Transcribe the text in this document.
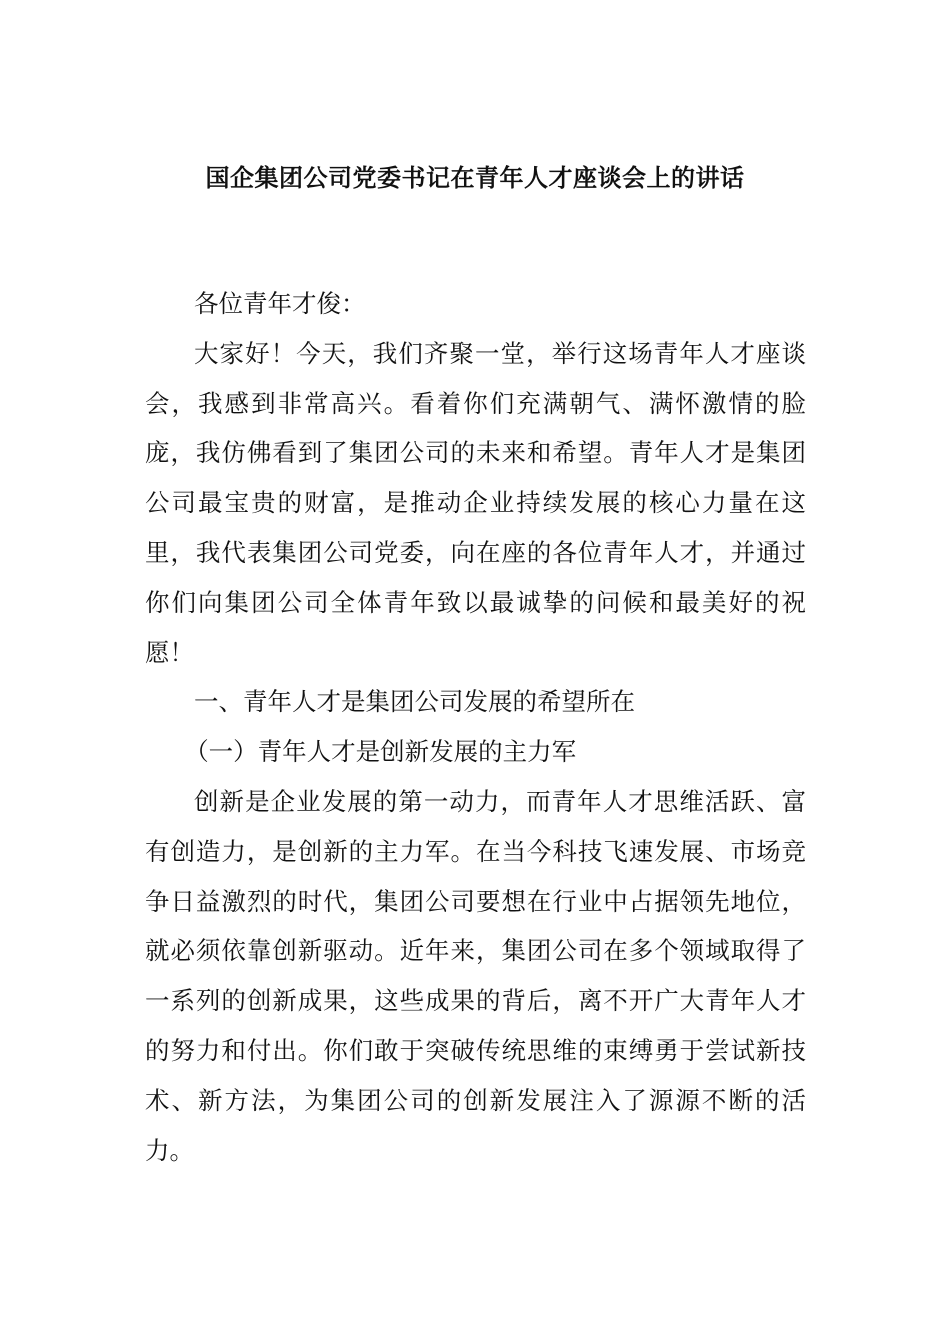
国企集团公司党委书记在青年人才座谈会上的讲话

各位青年才俊：

大家好！今天，我们齐聚一堂，举行这场青年人才座谈会，我感到非常高兴。看着你们充满朝气、满怀激情的脸庞，我仿佛看到了集团公司的未来和希望。青年人才是集团公司最宝贵的财富，是推动企业持续发展的核心力量在这里，我代表集团公司党委，向在座的各位青年人才，并通过你们向集团公司全体青年致以最诚挚的问候和最美好的祝愿！

一、青年人才是集团公司发展的希望所在

（一）青年人才是创新发展的主力军

创新是企业发展的第一动力，而青年人才思维活跃、富有创造力，是创新的主力军。在当今科技飞速发展、市场竞争日益激烈的时代，集团公司要想在行业中占据领先地位，就必须依靠创新驱动。近年来，集团公司在多个领域取得了一系列的创新成果，这些成果的背后，离不开广大青年人才的努力和付出。你们敢于突破传统思维的束缚勇于尝试新技术、新方法，为集团公司的创新发展注入了源源不断的活力。
